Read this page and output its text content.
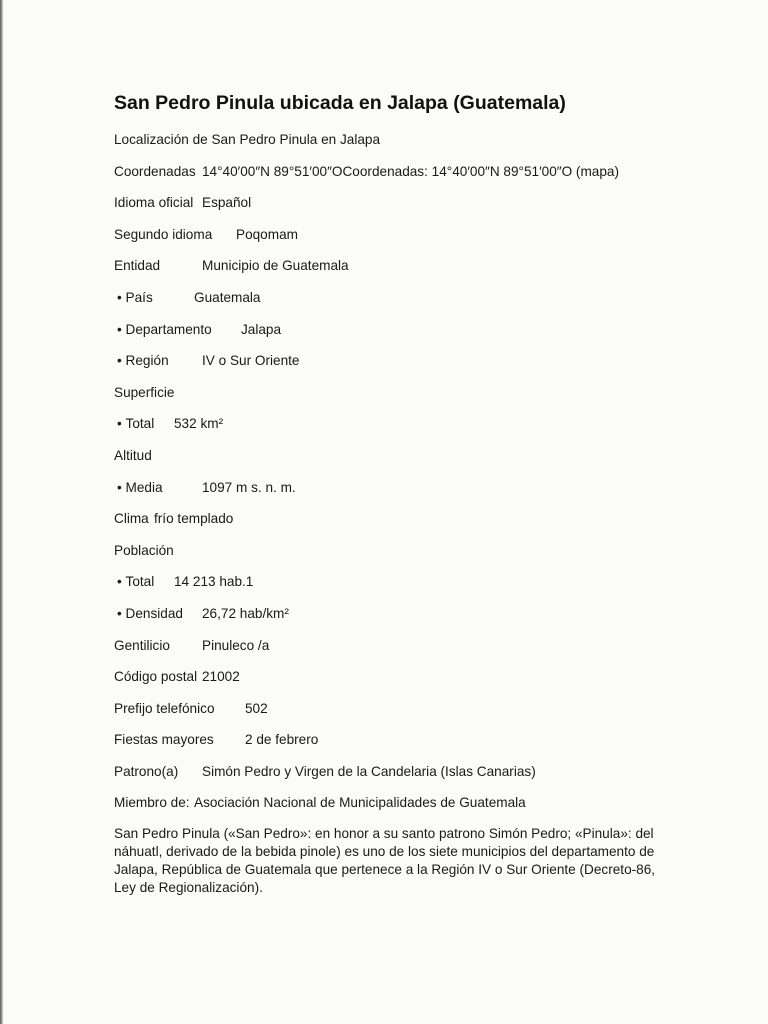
San Pedro Pinula ubicada en Jalapa (Guatemala)
Localización de San Pedro Pinula en Jalapa
Coordenadas 14°40′00″N 89°51′00″OCoordenadas: 14°40′00″N 89°51′00″O (mapa)
Idioma oficial Español
Segundo idioma Poqomam
Entidad	Municipio de Guatemala
• País	Guatemala
• Departamento Jalapa
• Región IV o Sur Oriente
Superficie
• Total 532 km²
Altitud
• Media	1097 m s. n. m.
Clima frío templado
Población
• Total 14 213 hab.1
• Densidad 26,72 hab/km²
Gentilicio Pinuleco /a
Código postal 21002
Prefijo telefónico 502
Fiestas mayores 2 de febrero
Patrono(a) Simón Pedro y Virgen de la Candelaria (Islas Canarias)
Miembro de: Asociación Nacional de Municipalidades de Guatemala

San Pedro Pinula («San Pedro»: en honor a su santo patrono Simón Pedro; «Pinula»: del náhuatl, derivado de la bebida pinole) es uno de los siete municipios del departamento de Jalapa, República de Guatemala que pertenece a la Región IV o Sur Oriente (Decreto-86, Ley de Regionalización).
